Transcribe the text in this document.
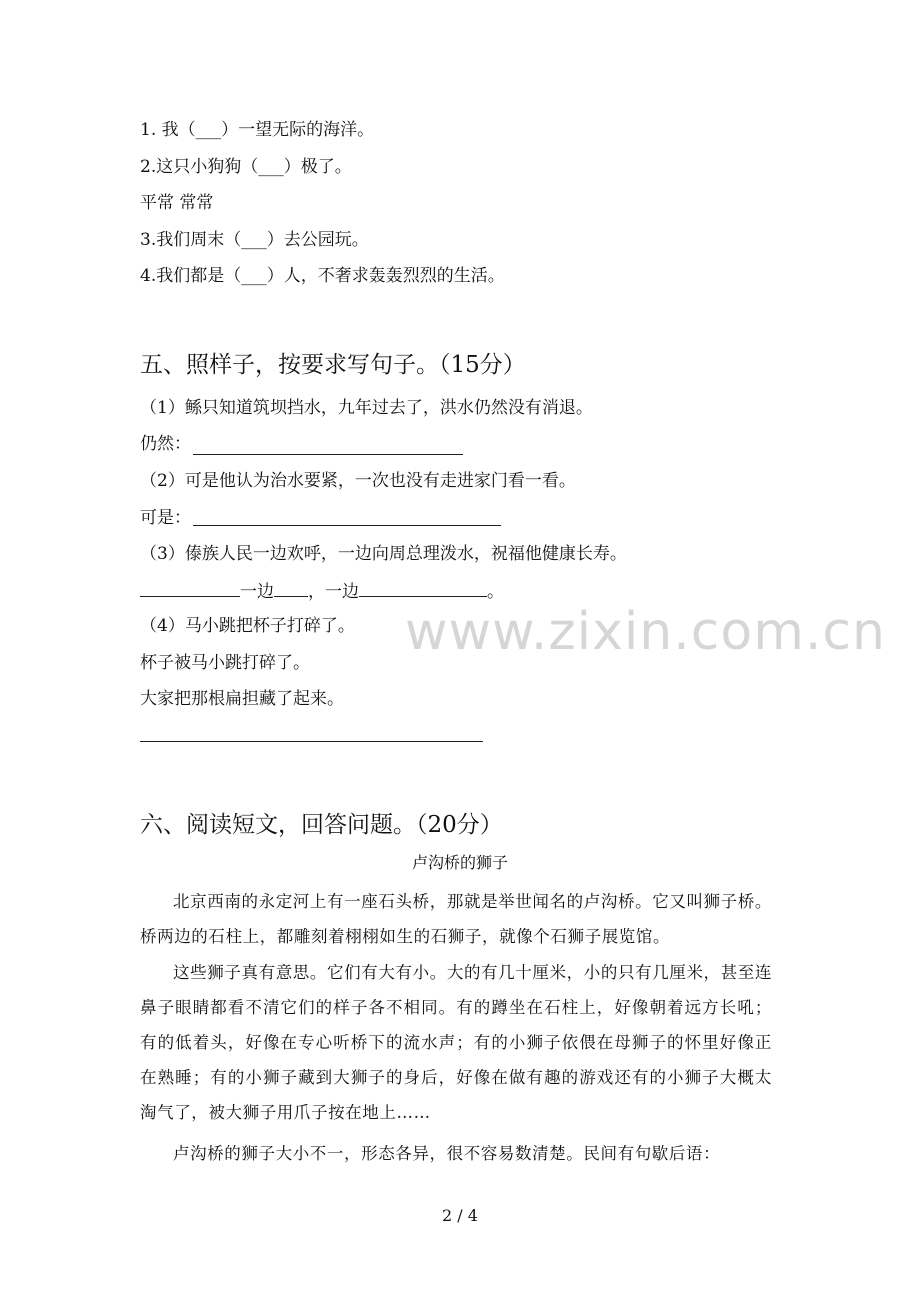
1. 我（___）一望无际的海洋。
2.这只小狗狗（___）极了。
平常 常常
3.我们周末（___）去公园玩。
4.我们都是（___）人，不奢求轰轰烈烈的生活。
五、照样子，按要求写句子。（15分）
（1）鲧只知道筑坝挡水，九年过去了，洪水仍然没有消退。
仍然：
（2）可是他认为治水要紧，一次也没有走进家门看一看。
可是：
（3）傣族人民一边欢呼，一边向周总理泼水，祝福他健康长寿。
一边 ，一边	。
（4）马小跳把杯子打碎了。
杯子被马小跳打碎了。
大家把那根扁担藏了起来。
www.zixin.com.cn
六、阅读短文，回答问题。（20分）
卢沟桥的狮子
北京西南的永定河上有一座石头桥，那就是举世闻名的卢沟桥。它又叫狮子桥。桥两边的石柱上，都雕刻着栩栩如生的石狮子，就像个石狮子展览馆。
这些狮子真有意思。它们有大有小。大的有几十厘米，小的只有几厘米，甚至连鼻子眼睛都看不清它们的样子各不相同。有的蹲坐在石柱上，好像朝着远方长吼；有的低着头，好像在专心听桥下的流水声；有的小狮子依偎在母狮子的怀里好像正在熟睡；有的小狮子藏到大狮子的身后，好像在做有趣的游戏还有的小狮子大概太淘气了，被大狮子用爪子按在地上……
卢沟桥的狮子大小不一，形态各异，很不容易数清楚。民间有句歇后语：
2 / 4
